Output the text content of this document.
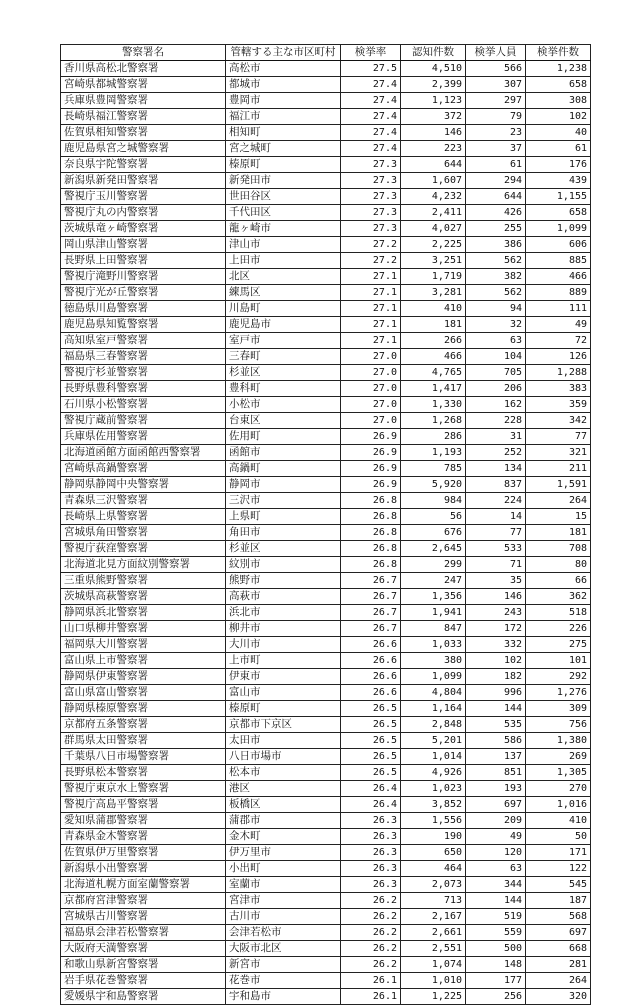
警察署名	管轄する主な市区町村	検挙率	認知件数	検挙人員	検挙件数
香川県高松北警察署	高松市	27.5	4,510	566	1,238
宮崎県都城警察署	都城市	27.4	2,399	307	658
兵庫県豊岡警察署	豊岡市	27.4	1,123	297	308
長崎県福江警察署	福江市	27.4	372	79	102
佐賀県相知警察署	相知町	27.4	146	23	40
鹿児島県宮之城警察署	宮之城町	27.4	223	37	61
奈良県宇陀警察署	榛原町	27.3	644	61	176
新潟県新発田警察署	新発田市	27.3	1,607	294	439
警視庁玉川警察署	世田谷区	27.3	4,232	644	1,155
警視庁丸の内警察署	千代田区	27.3	2,411	426	658
茨城県竜ヶ崎警察署	龍ヶ崎市	27.3	4,027	255	1,099
岡山県津山警察署	津山市	27.2	2,225	386	606
長野県上田警察署	上田市	27.2	3,251	562	885
警視庁滝野川警察署	北区	27.1	1,719	382	466
警視庁光が丘警察署	練馬区	27.1	3,281	562	889
徳島県川島警察署	川島町	27.1	410	94	111
鹿児島県知覧警察署	鹿児島市	27.1	181	32	49
高知県室戸警察署	室戸市	27.1	266	63	72
福島県三春警察署	三春町	27.0	466	104	126
警視庁杉並警察署	杉並区	27.0	4,765	705	1,288
長野県豊科警察署	豊科町	27.0	1,417	206	383
石川県小松警察署	小松市	27.0	1,330	162	359
警視庁蔵前警察署	台東区	27.0	1,268	228	342
兵庫県佐用警察署	佐用町	26.9	286	31	77
北海道函館方面函館西警察署	函館市	26.9	1,193	252	321
宮崎県高鍋警察署	高鍋町	26.9	785	134	211
静岡県静岡中央警察署	静岡市	26.9	5,920	837	1,591
青森県三沢警察署	三沢市	26.8	984	224	264
長崎県上県警察署	上県町	26.8	56	14	15
宮城県角田警察署	角田市	26.8	676	77	181
警視庁荻窪警察署	杉並区	26.8	2,645	533	708
北海道北見方面紋別警察署	紋別市	26.8	299	71	80
三重県熊野警察署	熊野市	26.7	247	35	66
茨城県高萩警察署	高萩市	26.7	1,356	146	362
静岡県浜北警察署	浜北市	26.7	1,941	243	518
山口県柳井警察署	柳井市	26.7	847	172	226
福岡県大川警察署	大川市	26.6	1,033	332	275
富山県上市警察署	上市町	26.6	380	102	101
静岡県伊東警察署	伊東市	26.6	1,099	182	292
富山県富山警察署	富山市	26.6	4,804	996	1,276
静岡県榛原警察署	榛原町	26.5	1,164	144	309
京都府五条警察署	京都市下京区	26.5	2,848	535	756
群馬県太田警察署	太田市	26.5	5,201	586	1,380
千葉県八日市場警察署	八日市場市	26.5	1,014	137	269
長野県松本警察署	松本市	26.5	4,926	851	1,305
警視庁東京水上警察署	港区	26.4	1,023	193	270
警視庁高島平警察署	板橋区	26.4	3,852	697	1,016
愛知県蒲郡警察署	蒲郡市	26.3	1,556	209	410
青森県金木警察署	金木町	26.3	190	49	50
佐賀県伊万里警察署	伊万里市	26.3	650	120	171
新潟県小出警察署	小出町	26.3	464	63	122
北海道札幌方面室蘭警察署	室蘭市	26.3	2,073	344	545
京都府宮津警察署	宮津市	26.2	713	144	187
宮城県古川警察署	古川市	26.2	2,167	519	568
福島県会津若松警察署	会津若松市	26.2	2,661	559	697
大阪府天満警察署	大阪市北区	26.2	2,551	500	668
和歌山県新宮警察署	新宮市	26.2	1,074	148	281
岩手県花巻警察署	花巻市	26.1	1,010	177	264
愛媛県宇和島警察署	宇和島市	26.1	1,225	256	320
